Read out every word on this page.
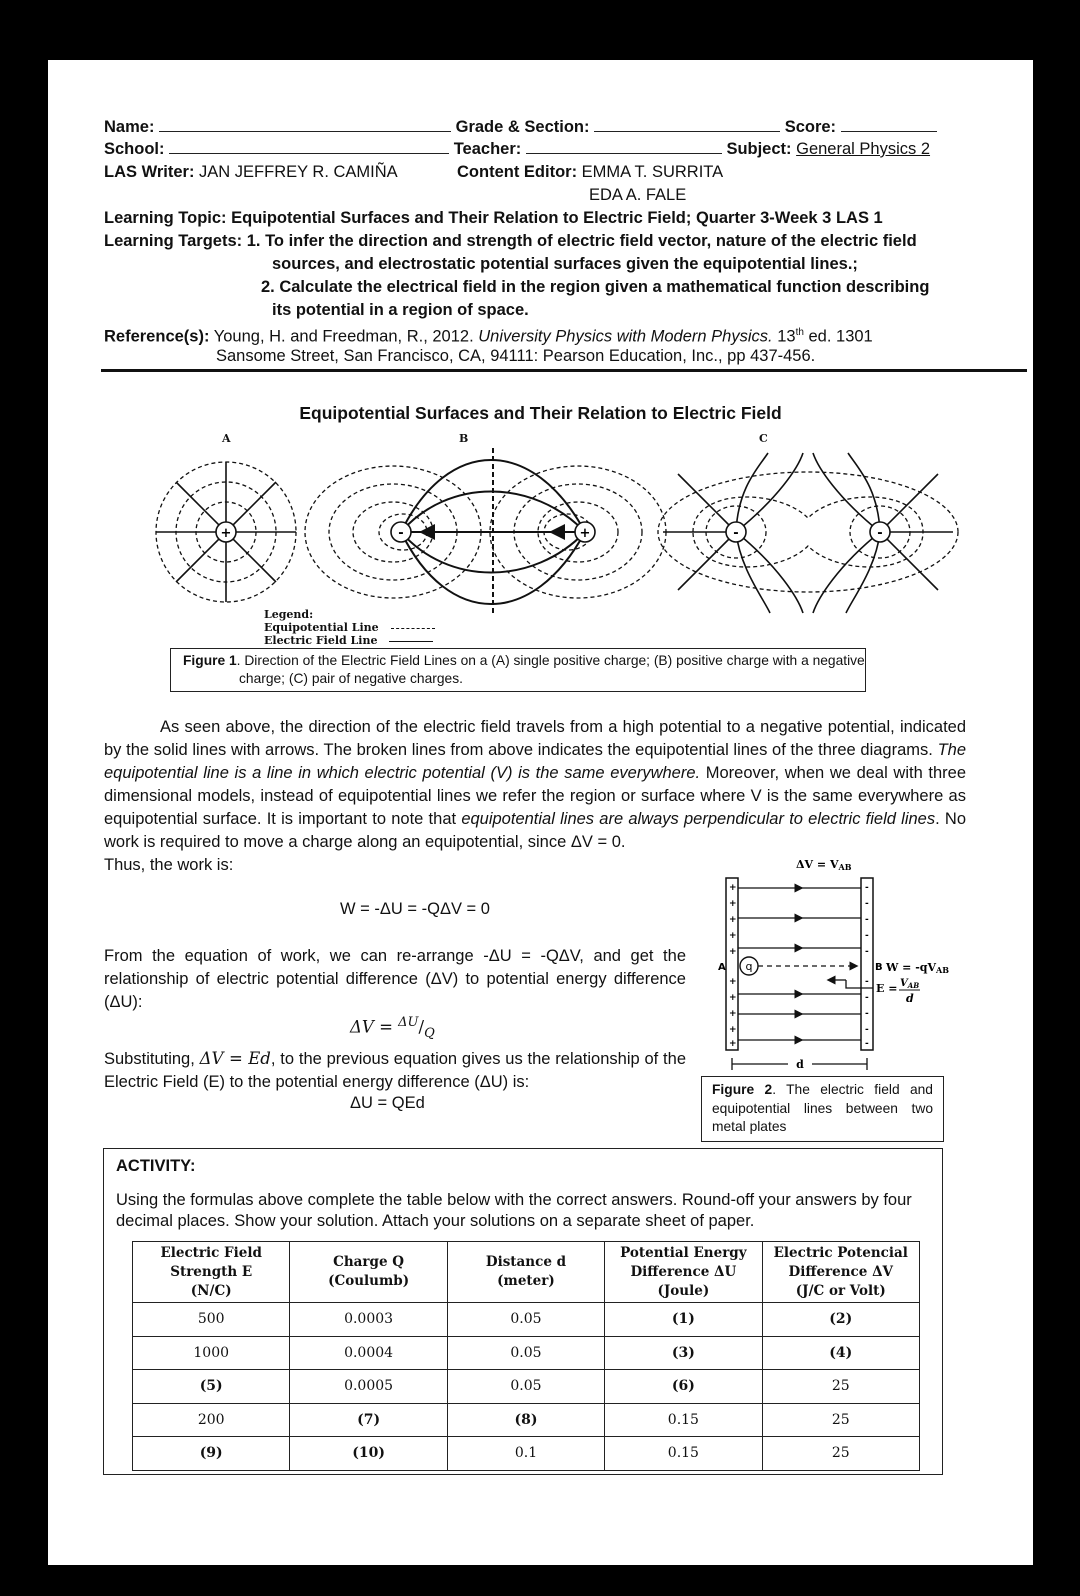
Name:	Grade & Section:	Score:
School:	Teacher:	Subject: General Physics 2
LAS Writer: JAN JEFFREY R. CAMIÑA	Content Editor: EMMA T. SURRITA
EDA A. FALE
Learning Topic: Equipotential Surfaces and Their Relation to Electric Field; Quarter 3-Week 3 LAS 1
Learning Targets: 1. To infer the direction and strength of electric field vector, nature of the electric field
sources, and electrostatic potential surfaces given the equipotential lines.;
2. Calculate the electrical field in the region given a mathematical function describing
its potential in a region of space.
Reference(s): Young, H. and Freedman, R., 2012. University Physics with Modern Physics. 13th ed. 1301
Sansome Street, San Francisco, CA, 94111: Pearson Education, Inc., pp 437-456.
Equipotential Surfaces and Their Relation to Electric Field
A	B	C
+	-	+	-	-
Legend:
Equipotential Line
Electric Field Line
Figure 1. Direction of the Electric Field Lines on a (A) single positive charge; (B) positive charge with a negative
charge; (C) pair of negative charges.
As seen above, the direction of the electric field travels from a high potential to a negative potential, indicated by the solid lines with arrows. The broken lines from above indicates the equipotential lines of the three diagrams. The equipotential line is a line in which electric potential (V) is the same everywhere. Moreover, when we deal with three dimensional models, instead of equipotential lines we refer the region or surface where V is the same everywhere as equipotential surface. It is important to note that equipotential lines are always perpendicular to electric field lines. No work is required to move a charge along an equipotential, since ΔV = 0.
Thus, the work is:
W = -ΔU = -QΔV = 0
From the equation of work, we can re-arrange -ΔU = -QΔV, and get the relationship of electric potential difference (ΔV) to potential energy difference (ΔU):
$\Delta V = ^{\Delta U}/_Q$
Substituting, ΔV = Ed, to the previous equation gives us the relationship of the Electric Field (E) to the potential energy difference (ΔU) is:
ΔU = QEd
ΔV = VAB
+
+
+
+
+
+
+
+
+
+
-
-
-
-
-
-
-
-
-
-
q
A	B W = -qVAB
$E = V_{AB}$
d
d
Figure 2. The electric field and equipotential lines between two metal plates
ACTIVITY:
Using the formulas above complete the table below with the correct answers. Round-off your answers by four decimal places. Show your solution. Attach your solutions on a separate sheet of paper.
Electric Field
Strength E
(N/C)	Charge Q
(Coulumb)	Distance d
(meter)	Potential Energy
Difference ΔU
(Joule)	Electric Potencial
Difference ΔV
(J/C or Volt)
500	0.0003	0.05	(1)	(2)
1000	0.0004	0.05	(3)	(4)
(5)	0.0005	0.05	(6)	25
200	(7)	(8)	0.15	25
(9)	(10)	0.1	0.15	25
